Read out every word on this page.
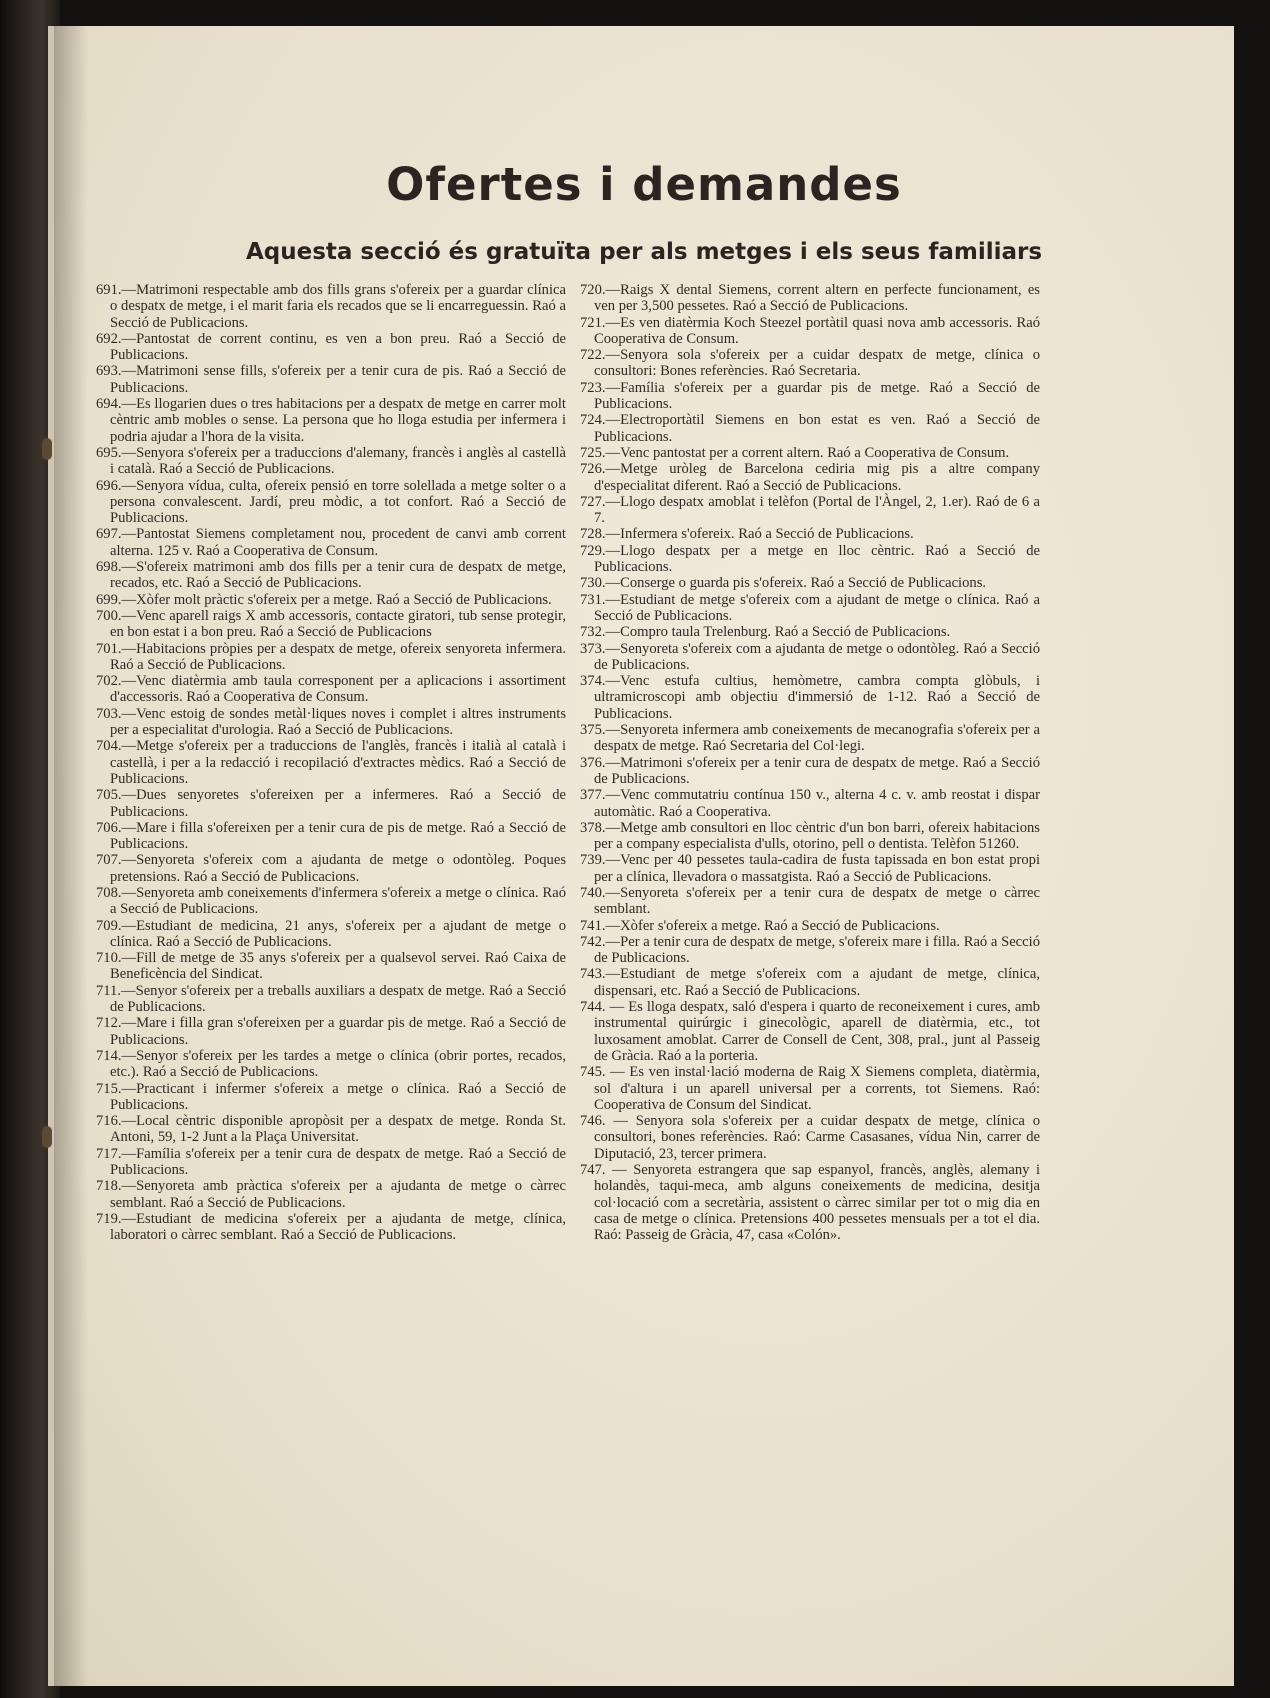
Ofertes i demandes
Aquesta secció és gratuïta per als metges i els seus familiars
691.—Matrimoni respectable amb dos fills grans s'ofereix per a guardar clínica o despatx de metge, i el marit faria els recados que se li encarreguessin. Raó a Secció de Publicacions.
692.—Pantostat de corrent continu, es ven a bon preu. Raó a Secció de Publicacions.
693.—Matrimoni sense fills, s'ofereix per a tenir cura de pis. Raó a Secció de Publicacions.
694.—Es llogarien dues o tres habitacions per a despatx de metge en carrer molt cèntric amb mobles o sense. La persona que ho lloga estudia per infermera i podria ajudar a l'hora de la visita.
695.—Senyora s'ofereix per a traduccions d'alemany, francès i anglès al castellà i català. Raó a Secció de Publicacions.
696.—Senyora vídua, culta, ofereix pensió en torre solellada a metge solter o a persona convalescent. Jardí, preu mòdic, a tot confort. Raó a Secció de Publicacions.
697.—Pantostat Siemens completament nou, procedent de canvi amb corrent alterna. 125 v. Raó a Cooperativa de Consum.
698.—S'ofereix matrimoni amb dos fills per a tenir cura de despatx de metge, recados, etc. Raó a Secció de Publicacions.
699.—Xòfer molt pràctic s'ofereix per a metge. Raó a Secció de Publicacions.
700.—Venc aparell raigs X amb accessoris, contacte giratori, tub sense protegir, en bon estat i a bon preu. Raó a Secció de Publicacions
701.—Habitacions pròpies per a despatx de metge, ofereix senyoreta infermera. Raó a Secció de Publicacions.
702.—Venc diatèrmia amb taula corresponent per a aplicacions i assortiment d'accessoris. Raó a Cooperativa de Consum.
703.—Venc estoig de sondes metàl·liques noves i complet i altres instruments per a especialitat d'urologia. Raó a Secció de Publicacions.
704.—Metge s'ofereix per a traduccions de l'anglès, francès i italià al català i castellà, i per a la redacció i recopilació d'extractes mèdics. Raó a Secció de Publicacions.
705.—Dues senyoretes s'ofereixen per a infermeres. Raó a Secció de Publicacions.
706.—Mare i filla s'ofereixen per a tenir cura de pis de metge. Raó a Secció de Publicacions.
707.—Senyoreta s'ofereix com a ajudanta de metge o odontòleg. Poques pretensions. Raó a Secció de Publicacions.
708.—Senyoreta amb coneixements d'infermera s'ofereix a metge o clínica. Raó a Secció de Publicacions.
709.—Estudiant de medicina, 21 anys, s'ofereix per a ajudant de metge o clínica. Raó a Secció de Publicacions.
710.—Fill de metge de 35 anys s'ofereix per a qualsevol servei. Raó Caixa de Beneficència del Sindicat.
711.—Senyor s'ofereix per a treballs auxiliars a despatx de metge. Raó a Secció de Publicacions.
712.—Mare i filla gran s'ofereixen per a guardar pis de metge. Raó a Secció de Publicacions.
714.—Senyor s'ofereix per les tardes a metge o clínica (obrir portes, recados, etc.). Raó a Secció de Publicacions.
715.—Practicant i infermer s'ofereix a metge o clínica. Raó a Secció de Publicacions.
716.—Local cèntric disponible apropòsit per a despatx de metge. Ronda St. Antoni, 59, 1-2 Junt a la Plaça Universitat.
717.—Família s'ofereix per a tenir cura de despatx de metge. Raó a Secció de Publicacions.
718.—Senyoreta amb pràctica s'ofereix per a ajudanta de metge o càrrec semblant. Raó a Secció de Publicacions.
719.—Estudiant de medicina s'ofereix per a ajudanta de metge, clínica, laboratori o càrrec semblant. Raó a Secció de Publicacions.
720.—Raigs X dental Siemens, corrent altern en perfecte funcionament, es ven per 3,500 pessetes. Raó a Secció de Publicacions.
721.—Es ven diatèrmia Koch Steezel portàtil quasi nova amb accessoris. Raó Cooperativa de Consum.
722.—Senyora sola s'ofereix per a cuidar despatx de metge, clínica o consultori: Bones referències. Raó Secretaria.
723.—Família s'ofereix per a guardar pis de metge. Raó a Secció de Publicacions.
724.—Electroportàtil Siemens en bon estat es ven. Raó a Secció de Publicacions.
725.—Venc pantostat per a corrent altern. Raó a Cooperativa de Consum.
726.—Metge uròleg de Barcelona cediria mig pis a altre company d'especialitat diferent. Raó a Secció de Publicacions.
727.—Llogo despatx amoblat i telèfon (Portal de l'Àngel, 2, 1.er). Raó de 6 a 7.
728.—Infermera s'ofereix. Raó a Secció de Publicacions.
729.—Llogo despatx per a metge en lloc cèntric. Raó a Secció de Publicacions.
730.—Conserge o guarda pis s'ofereix. Raó a Secció de Publicacions.
731.—Estudiant de metge s'ofereix com a ajudant de metge o clínica. Raó a Secció de Publicacions.
732.—Compro taula Trelenburg. Raó a Secció de Publicacions.
373.—Senyoreta s'ofereix com a ajudanta de metge o odontòleg. Raó a Secció de Publicacions.
374.—Venc estufa cultius, hemòmetre, cambra compta glòbuls, i ultramicroscopi amb objectiu d'immersió de 1-12. Raó a Secció de Publicacions.
375.—Senyoreta infermera amb coneixements de mecanografia s'ofereix per a despatx de metge. Raó Secretaria del Col·legi.
376.—Matrimoni s'ofereix per a tenir cura de despatx de metge. Raó a Secció de Publicacions.
377.—Venc commutatriu contínua 150 v., alterna 4 c. v. amb reostat i dispar automàtic. Raó a Cooperativa.
378.—Metge amb consultori en lloc cèntric d'un bon barri, ofereix habitacions per a company especialista d'ulls, otorino, pell o dentista. Telèfon 51260.
739.—Venc per 40 pessetes taula-cadira de fusta tapissada en bon estat propi per a clínica, llevadora o massatgista. Raó a Secció de Publicacions.
740.—Senyoreta s'ofereix per a tenir cura de despatx de metge o càrrec semblant.
741.—Xòfer s'ofereix a metge. Raó a Secció de Publicacions.
742.—Per a tenir cura de despatx de metge, s'ofereix mare i filla. Raó a Secció de Publicacions.
743.—Estudiant de metge s'ofereix com a ajudant de metge, clínica, dispensari, etc. Raó a Secció de Publicacions.
744. — Es lloga despatx, saló d'espera i quarto de reconeixement i cures, amb instrumental quirúrgic i ginecològic, aparell de diatèrmia, etc., tot luxosament amoblat. Carrer de Consell de Cent, 308, pral., junt al Passeig de Gràcia. Raó a la porteria.
745. — Es ven instal·lació moderna de Raig X Siemens completa, diatèrmia, sol d'altura i un aparell universal per a corrents, tot Siemens. Raó: Cooperativa de Consum del Sindicat.
746. — Senyora sola s'ofereix per a cuidar despatx de metge, clínica o consultori, bones referències. Raó: Carme Casasanes, vídua Nin, carrer de Diputació, 23, tercer primera.
747. — Senyoreta estrangera que sap espanyol, francès, anglès, alemany i holandès, taqui-meca, amb alguns coneixements de medicina, desitja col·locació com a secretària, assistent o càrrec similar per tot o mig dia en casa de metge o clínica. Pretensions 400 pessetes mensuals per a tot el dia. Raó: Passeig de Gràcia, 47, casa «Colón».
